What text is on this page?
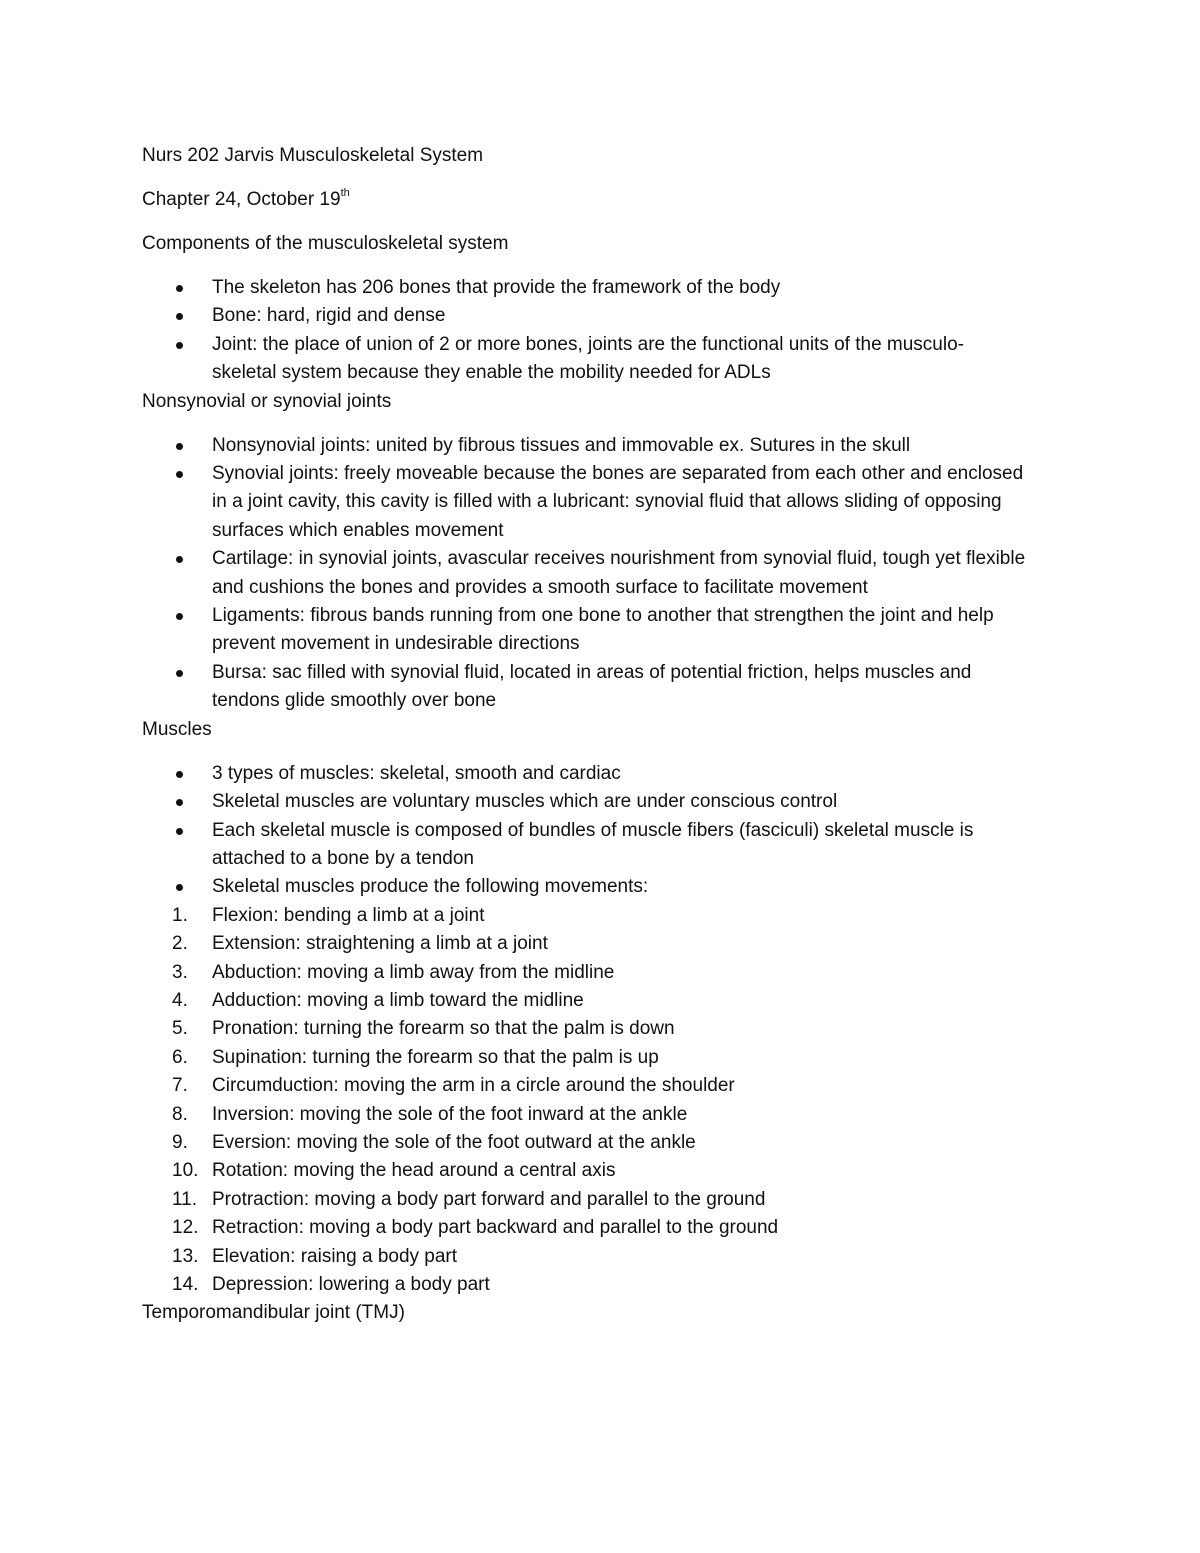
Nurs 202 Jarvis Musculoskeletal System

Chapter 24, October 19th

Components of the musculoskeletal system

The skeleton has 206 bones that provide the framework of the body
Bone: hard, rigid and dense
Joint: the place of union of 2 or more bones, joints are the functional units of the musculo-
skeletal system because they enable the mobility needed for ADLs

Nonsynovial or synovial joints

Nonsynovial joints: united by fibrous tissues and immovable ex. Sutures in the skull
Synovial joints: freely moveable because the bones are separated from each other and enclosed
in a joint cavity, this cavity is filled with a lubricant: synovial fluid that allows sliding of opposing
surfaces which enables movement
Cartilage: in synovial joints, avascular receives nourishment from synovial fluid, tough yet flexible
and cushions the bones and provides a smooth surface to facilitate movement
Ligaments: fibrous bands running from one bone to another that strengthen the joint and help
prevent movement in undesirable directions
Bursa: sac filled with synovial fluid, located in areas of potential friction, helps muscles and
tendons glide smoothly over bone

Muscles

3 types of muscles: skeletal, smooth and cardiac
Skeletal muscles are voluntary muscles which are under conscious control
Each skeletal muscle is composed of bundles of muscle fibers (fasciculi) skeletal muscle is
attached to a bone by a tendon
Skeletal muscles produce the following movements:
1.	Flexion: bending a limb at a joint
2.	Extension: straightening a limb at a joint
3.	Abduction: moving a limb away from the midline
4.	Adduction: moving a limb toward the midline
5.	Pronation: turning the forearm so that the palm is down
6.	Supination: turning the forearm so that the palm is up
7.	Circumduction: moving the arm in a circle around the shoulder
8.	Inversion: moving the sole of the foot inward at the ankle
9.	Eversion: moving the sole of the foot outward at the ankle
10. Rotation: moving the head around a central axis
11. Protraction: moving a body part forward and parallel to the ground
12. Retraction: moving a body part backward and parallel to the ground
13. Elevation: raising a body part
14. Depression: lowering a body part

Temporomandibular joint (TMJ)
